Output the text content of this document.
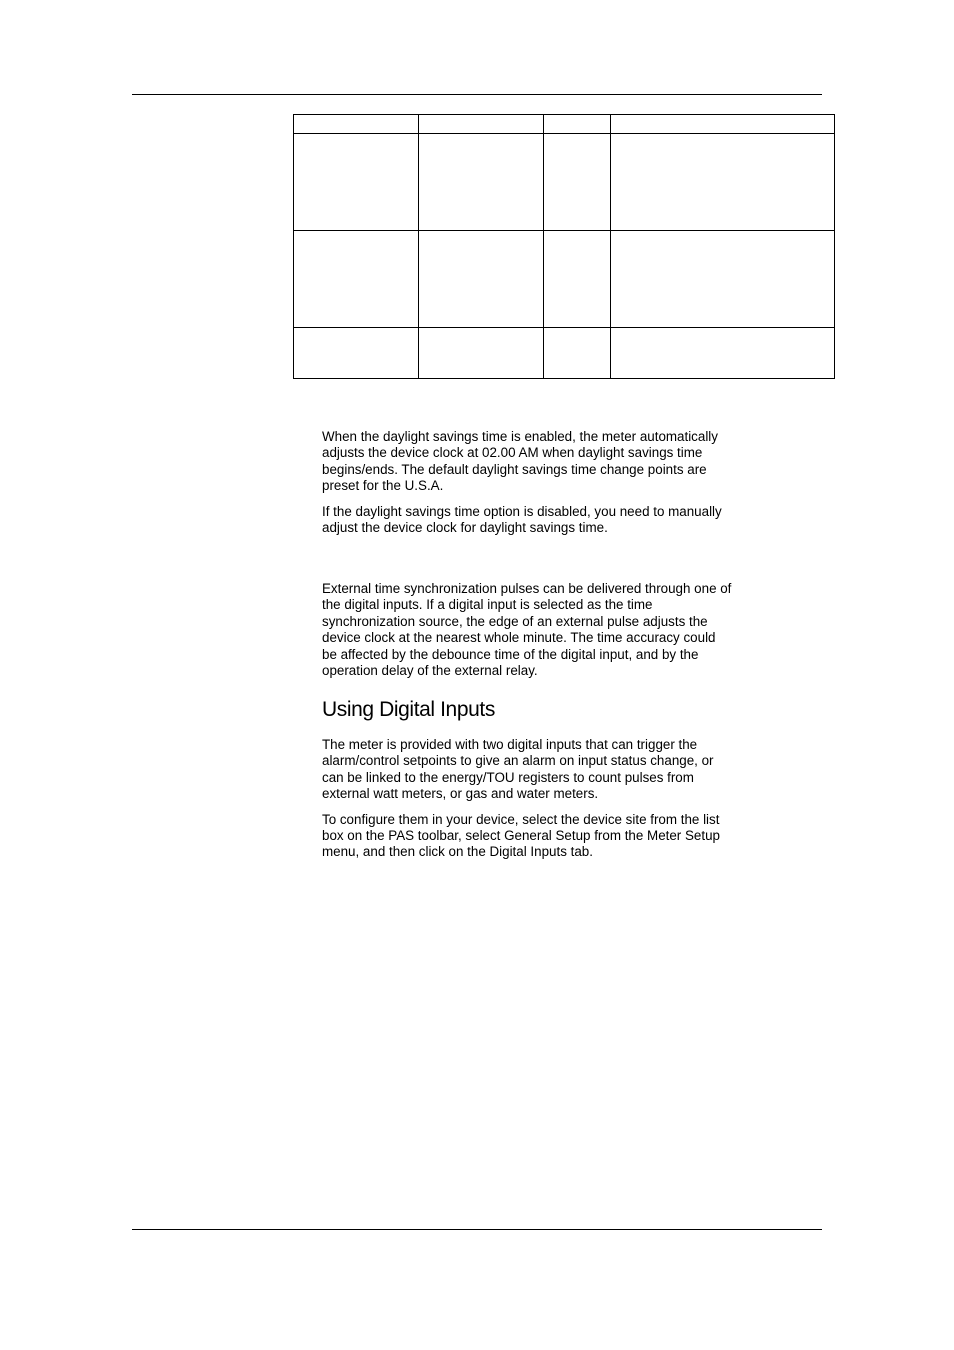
When the daylight savings time is enabled, the meter automatically adjusts the device clock at 02.00 AM when daylight savings time begins/ends. The default daylight savings time change points are preset for the U.S.A.

If the daylight savings time option is disabled, you need to manually adjust the device clock for daylight savings time.

External time synchronization pulses can be delivered through one of the digital inputs. If a digital input is selected as the time synchronization source, the edge of an external pulse adjusts the device clock at the nearest whole minute. The time accuracy could be affected by the debounce time of the digital input, and by the operation delay of the external relay.

Using Digital Inputs

The meter is provided with two digital inputs that can trigger the alarm/control setpoints to give an alarm on input status change, or can be linked to the energy/TOU registers to count pulses from external watt meters, or gas and water meters.

To configure them in your device, select the device site from the list box on the PAS toolbar, select General Setup from the Meter Setup menu, and then click on the Digital Inputs tab.
